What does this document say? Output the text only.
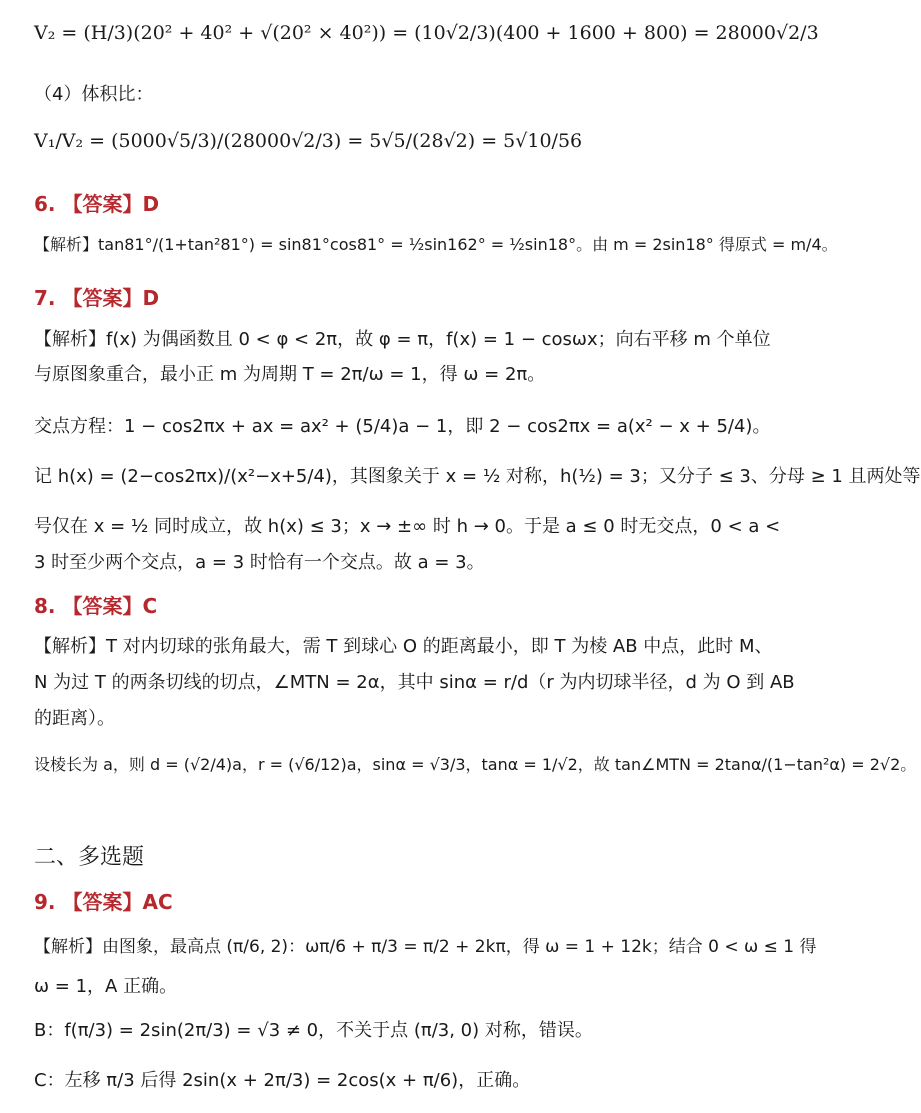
V₂ = (H/3)(20² + 40² + √(20² × 40²)) = (10√2/3)(400 + 1600 + 800) = 28000√2/3
（4）体积比：
V₁/V₂ = (5000√5/3)/(28000√2/3) = 5√5/(28√2) = 5√10/56
6. 【答案】D
【解析】tan81°/(1+tan²81°) = sin81°cos81° = ½sin162° = ½sin18°。由 m = 2sin18° 得原式 = m/4。
7. 【答案】D
【解析】f(x) 为偶函数且 0 < φ < 2π，故 φ = π，f(x) = 1 − cosωx；向右平移 m 个单位
与原图象重合，最小正 m 为周期 T = 2π/ω = 1，得 ω = 2π。
交点方程：1 − cos2πx + ax = ax² + (5/4)a − 1，即 2 − cos2πx = a(x² − x + 5/4)。
记 h(x) = (2−cos2πx)/(x²−x+5/4)，其图象关于 x = ½ 对称，h(½) = 3；又分子 ≤ 3、分母 ≥ 1 且两处等
号仅在 x = ½ 同时成立，故 h(x) ≤ 3；x → ±∞ 时 h → 0。于是 a ≤ 0 时无交点，0 < a <
3 时至少两个交点，a = 3 时恰有一个交点。故 a = 3。
8. 【答案】C
【解析】T 对内切球的张角最大，需 T 到球心 O 的距离最小，即 T 为棱 AB 中点，此时 M、
N 为过 T 的两条切线的切点，∠MTN = 2α，其中 sinα = r/d（r 为内切球半径，d 为 O 到 AB
的距离）。
设棱长为 a，则 d = (√2/4)a，r = (√6/12)a，sinα = √3/3，tanα = 1/√2，故 tan∠MTN = 2tanα/(1−tan²α) = 2√2。
二、多选题
9. 【答案】AC
【解析】由图象，最高点 (π/6, 2)：ωπ/6 + π/3 = π/2 + 2kπ，得 ω = 1 + 12k；结合 0 < ω ≤ 1 得
ω = 1，A 正确。
B：f(π/3) = 2sin(2π/3) = √3 ≠ 0，不关于点 (π/3, 0) 对称，错误。
C：左移 π/3 后得 2sin(x + 2π/3) = 2cos(x + π/6)，正确。
